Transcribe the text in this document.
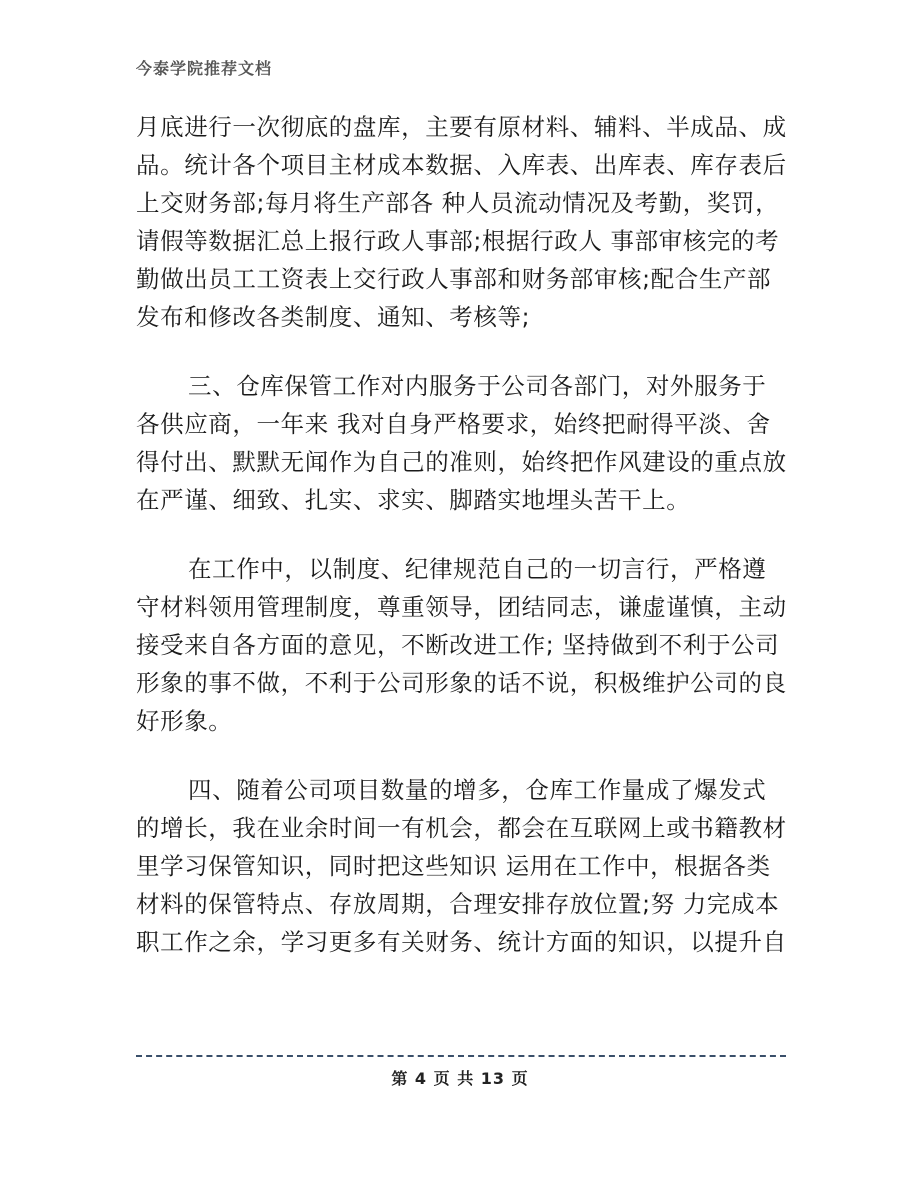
今泰学院推荐文档
月底进行一次彻底的盘库，主要有原材料、辅料、半成品、成
品。统计各个项目主材成本数据、入库表、出库表、库存表后
上交财务部;每月将生产部各 种人员流动情况及考勤，奖罚，
请假等数据汇总上报行政人事部;根据行政人 事部审核完的考
勤做出员工工资表上交行政人事部和财务部审核;配合生产部
发布和修改各类制度、通知、考核等;
三、仓库保管工作对内服务于公司各部门，对外服务于
各供应商，一年来 我对自身严格要求，始终把耐得平淡、舍
得付出、默默无闻作为自己的准则，始终把作风建设的重点放
在严谨、细致、扎实、求实、脚踏实地埋头苦干上。
在工作中，以制度、纪律规范自己的一切言行，严格遵
守材料领用管理制度，尊重领导，团结同志，谦虚谨慎，主动
接受来自各方面的意见，不断改进工作; 坚持做到不利于公司
形象的事不做，不利于公司形象的话不说，积极维护公司的良
好形象。
四、随着公司项目数量的增多，仓库工作量成了爆发式
的增长，我在业余时间一有机会，都会在互联网上或书籍教材
里学习保管知识，同时把这些知识 运用在工作中，根据各类
材料的保管特点、存放周期，合理安排存放位置;努 力完成本
职工作之余，学习更多有关财务、统计方面的知识，以提升自
第 4 页 共 13 页
